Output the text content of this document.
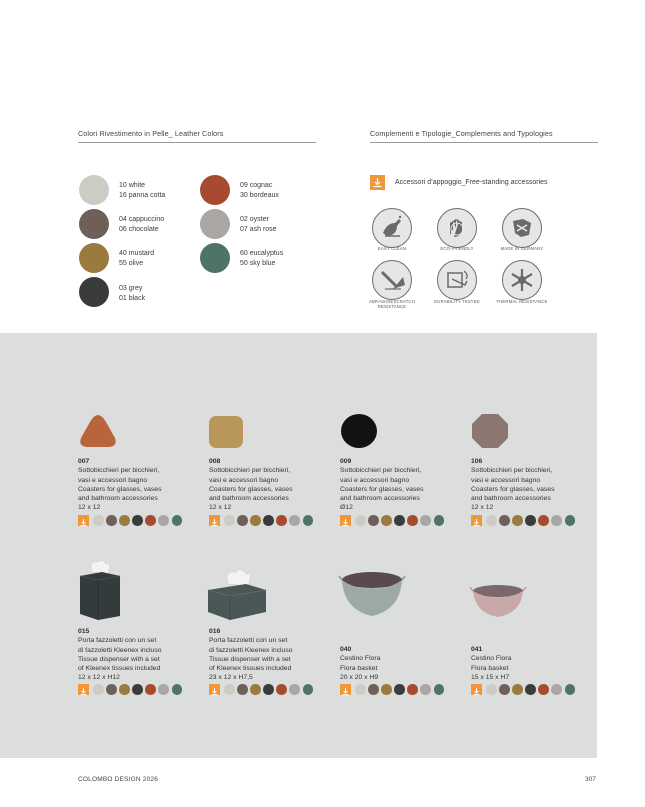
Colori Rivestimento in Pelle_ Leather Colors
10 white
16 panna cotta
09 cognac
30 bordeaux
04 cappuccino
06 chocolate
02 oyster
07 ash rose
40 mustard
55 olive
60 eucalyptus
50 sky blue
03 grey
01 black
Complementi e Tipologie_Complements and Typologies
Accessori d’appoggio_Free-standing accessories
EASY CLEAN	ECO-FRIENDLY	MADE IN GERMANY
ABRASION/SCRATCH RESISTANCE
DURABILITY TESTED	THERMAL RESISTANCE
007
Sottobicchieri per bicchieri,
vasi e accessori bagno
Coasters for glasses, vases
and bathroom accessories
12 x 12
008
Sottobicchieri per bicchieri,
vasi e accessori bagno
Coasters for glasses, vases
and bathroom accessories
12 x 12
009
Sottobicchieri per bicchieri,
vasi e accessori bagno
Coasters for glasses, vases
and bathroom accessories
Ø12
106
Sottobicchieri per bicchieri,
vasi e accessori bagno
Coasters for glasses, vases
and bathroom accessories
12 x 12
015
Porta fazzoletti con un set
di fazzoletti Kleenex incluso
Tissue dispenser with a set
of Kleenex tissues included
12 x 12 x H12
016
Porta fazzoletti con un set
di fazzoletti Kleenex incluso
Tissue dispenser with a set
of Kleenex tissues included
23 x 12 x H7,5
040
Cestino Flora
Flora basket
20 x 20 x H9
041
Cestino Flora
Flora basket
15 x 15 x H7
COLOMBO DESIGN 2026	307
